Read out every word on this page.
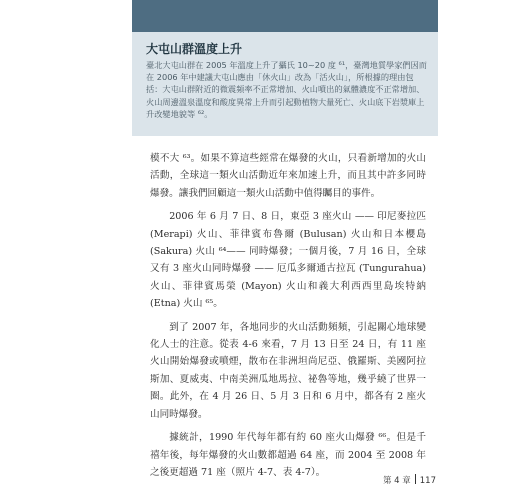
大屯山群溫度上升

臺北大屯山群在 2005 年溫度上升了攝氏 10~20 度 ⁶¹，臺灣地質學家們因而在 2006 年中建議大屯山應由「休火山」改為「活火山」，所根據的理由包括：大屯山群附近的微震頻率不正常增加、火山噴出的氣體濃度不正常增加、火山周邊溫泉溫度和酸度異常上升而引起動植物大量死亡、火山底下岩漿庫上升改變地貌等 ⁶²。

模不大 ⁶³。如果不算這些經常在爆發的火山，只看新增加的火山活動，全球這一類火山活動近年來加速上升，而且其中許多同時爆發。讓我們回顧這一類火山活動中值得矚目的事件。

2006 年 6 月 7 日、8 日，東亞 3 座火山 —— 印尼麥拉匹 (Merapi) 火山、菲律賓布魯爾 (Bulusan) 火山和日本櫻島 (Sakura) 火山 ⁶⁴—— 同時爆發；一個月後，7 月 16 日，全球又有 3 座火山同時爆發 —— 厄瓜多爾通古拉瓦 (Tungurahua) 火山、菲律賓馬榮 (Mayon) 火山和義大利西西里島埃特納 (Etna) 火山 ⁶⁵。

到了 2007 年，各地同步的火山活動頻頻，引起關心地球變化人士的注意。從表 4-6 來看，7 月 13 日至 24 日，有 11 座火山開始爆發或噴煙，散布在非洲坦尚尼亞、俄羅斯、美國阿拉斯加、夏威夷、中南美洲瓜地馬拉、祕魯等地，幾乎繞了世界一圈。此外，在 4 月 26 日、5 月 3 日和 6 月中，都各有 2 座火山同時爆發。

據統計，1990 年代每年都有約 60 座火山爆發 ⁶⁶。但是千禧年後，每年爆發的火山數都超過 64 座，而 2004 至 2008 年之後更超過 71 座（照片 4-7、表 4-7）。

第 4 章 117
